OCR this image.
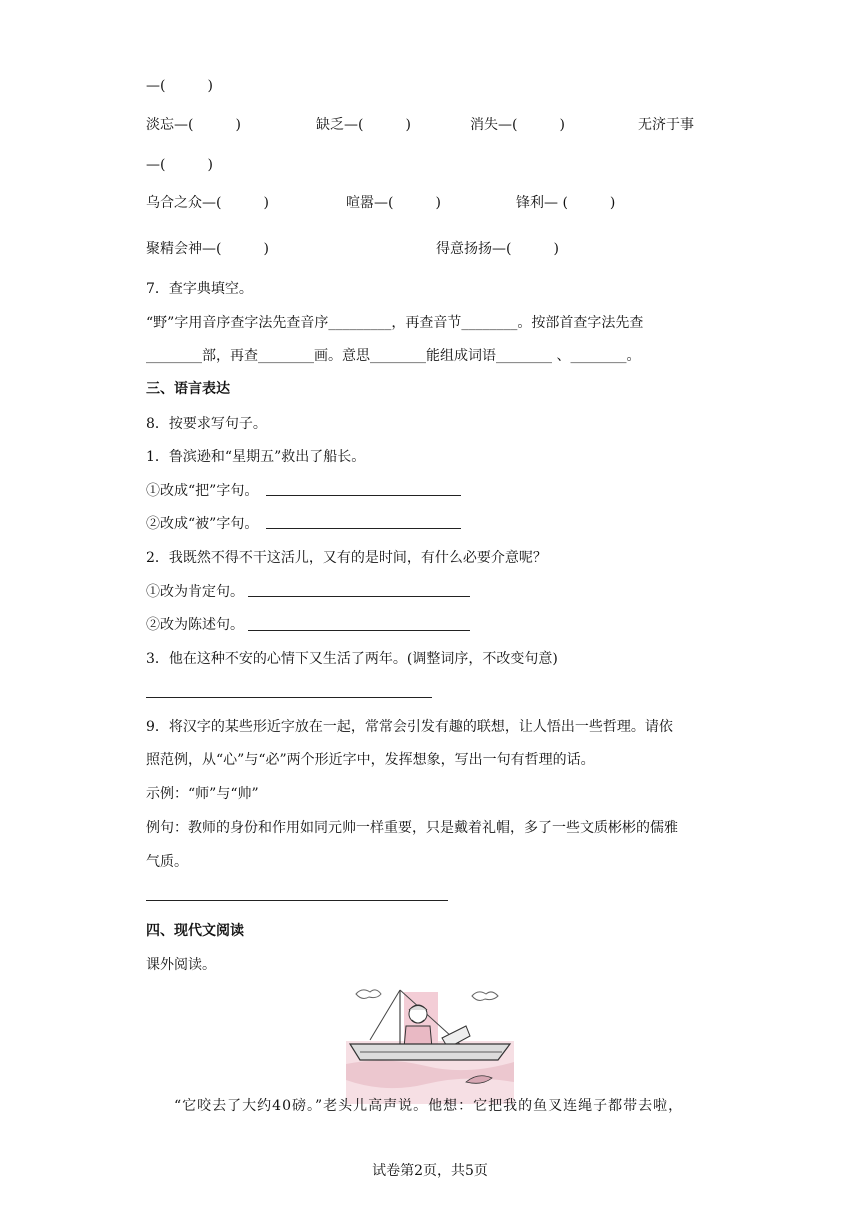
—(　　　)
淡忘—(　　　)	缺乏—(　　　)	消失—(　　　)	无济于事
—(　　　)
乌合之众—(　　　)	喧嚣—(　　　)	锋利— (　　　)
聚精会神—(　　　)	得意扬扬—(　　　)
7．查字典填空。
“野”字用音序查字法先查音序_________，再查音节________。按部首查字法先查
________部，再查________画。意思________能组成词语________ 、________。
三、语言表达
8．按要求写句子。
1．鲁滨逊和“星期五”救出了船长。
①改成“把”字句。
②改成“被”字句。
2．我既然不得不干这活儿，又有的是时间，有什么必要介意呢？
①改为肯定句。
②改为陈述句。
3．他在这种不安的心情下又生活了两年。(调整词序，不改变句意)
9．将汉字的某些形近字放在一起，常常会引发有趣的联想，让人悟出一些哲理。请依
照范例，从“心”与“必”两个形近字中，发挥想象，写出一句有哲理的话。
示例：“师”与“帅”
例句：教师的身份和作用如同元帅一样重要，只是戴着礼帽，多了一些文质彬彬的儒雅
气质。
四、现代文阅读
课外阅读。
“它咬去了大约40磅。”老头儿高声说。他想：它把我的鱼叉连绳子都带去啦，
试卷第2页，共5页
